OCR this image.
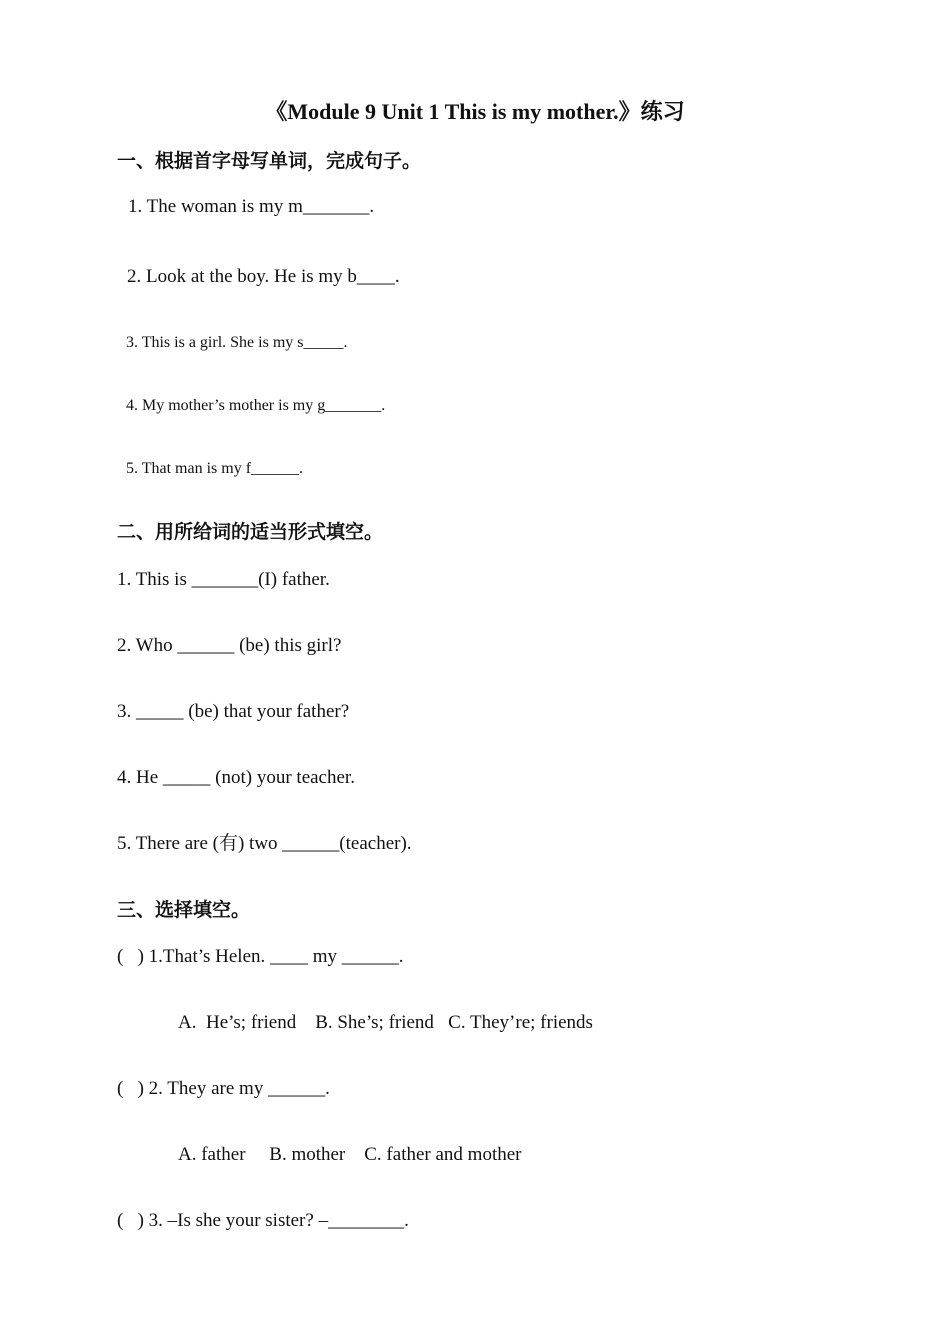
《Module 9 Unit 1 This is my mother.》练习
一、根据首字母写单词，完成句子。
1. The woman is my m_______.
2. Look at the boy. He is my b____.
3. This is a girl. She is my s_____.
4. My mother’s mother is my g_______.
5. That man is my f______.
二、用所给词的适当形式填空。
1. This is _______(I) father.
2. Who ______ (be) this girl?
3. _____ (be) that your father?
4. He _____ (not) your teacher.
5. There are (有) two ______(teacher).
三、选择填空。
(   ) 1.That’s Helen. ____ my ______.
A.  He’s; friend    B. She’s; friend   C. They’re; friends
(   ) 2. They are my ______.
A. father     B. mother    C. father and mother
(   ) 3. –Is she your sister? –________.
